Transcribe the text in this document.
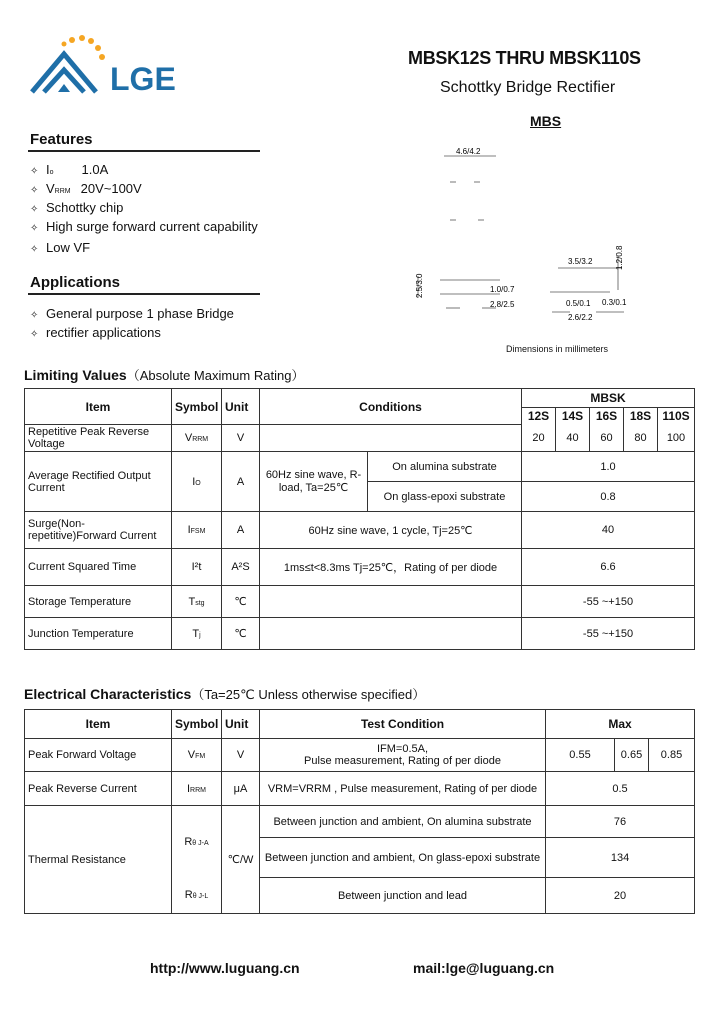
LGE
MBSK12S THRU MBSK110S
Schottky Bridge Rectifier
MBS
Features
✧ Io 1.0A
✧ VRRM 20V~100V
✧ Schottky chip
✧ High surge forward current capability
✧ Low VF
Applications
✧ General purpose 1 phase Bridge
✧ rectifier applications
4.6/4.2
3.5/3.2	1.2/0.8
2.5/3.0	1.0/0.7
2.8/2.5	0.5/0.1 0.3/0.1
2.6/2.2
Dimensions in millimeters
Limiting Values（Absolute Maximum Rating）
Item	Symbol	Unit	Conditions		MBSK				
					12S	14S	16S	18S	110S
Repetitive Peak Reverse Voltage	VRRM	V			20	40	60	80	100
Average Rectified Output Current	IO	A	60Hz sine wave, R-load, Ta=25℃	On alumina substrate	1.0				
				On glass-epoxi substrate	0.8				
Surge(Non-repetitive)Forward Current	IFSM	A	60Hz sine wave, 1 cycle, Tj=25℃		40				
Current Squared Time	I²t	A²S	1ms≤t<8.3ms Tj=25℃，Rating of per diode		6.6				
Storage Temperature	Tstg	℃			-55 ~+150				
Junction Temperature	Tj	℃			-55 ~+150				
Electrical Characteristics（Ta=25℃ Unless otherwise specified）
Item	Symbol	Unit	Test Condition	Max		
Peak Forward Voltage	VFM	V	IFM=0.5A,
Pulse measurement, Rating of per diode	0.55	0.65	0.85
Peak Reverse Current	IRRM	μA	VRM=VRRM , Pulse measurement, Rating of per diode	0.5		
Thermal Resistance	Rθ J-A	℃/W	Between junction and ambient, On alumina substrate	76		
			Between junction and ambient, On glass-epoxi substrate	134		
	Rθ J-L		Between junction and lead	20		
http://www.luguang.cn	mail:lge@luguang.cn
